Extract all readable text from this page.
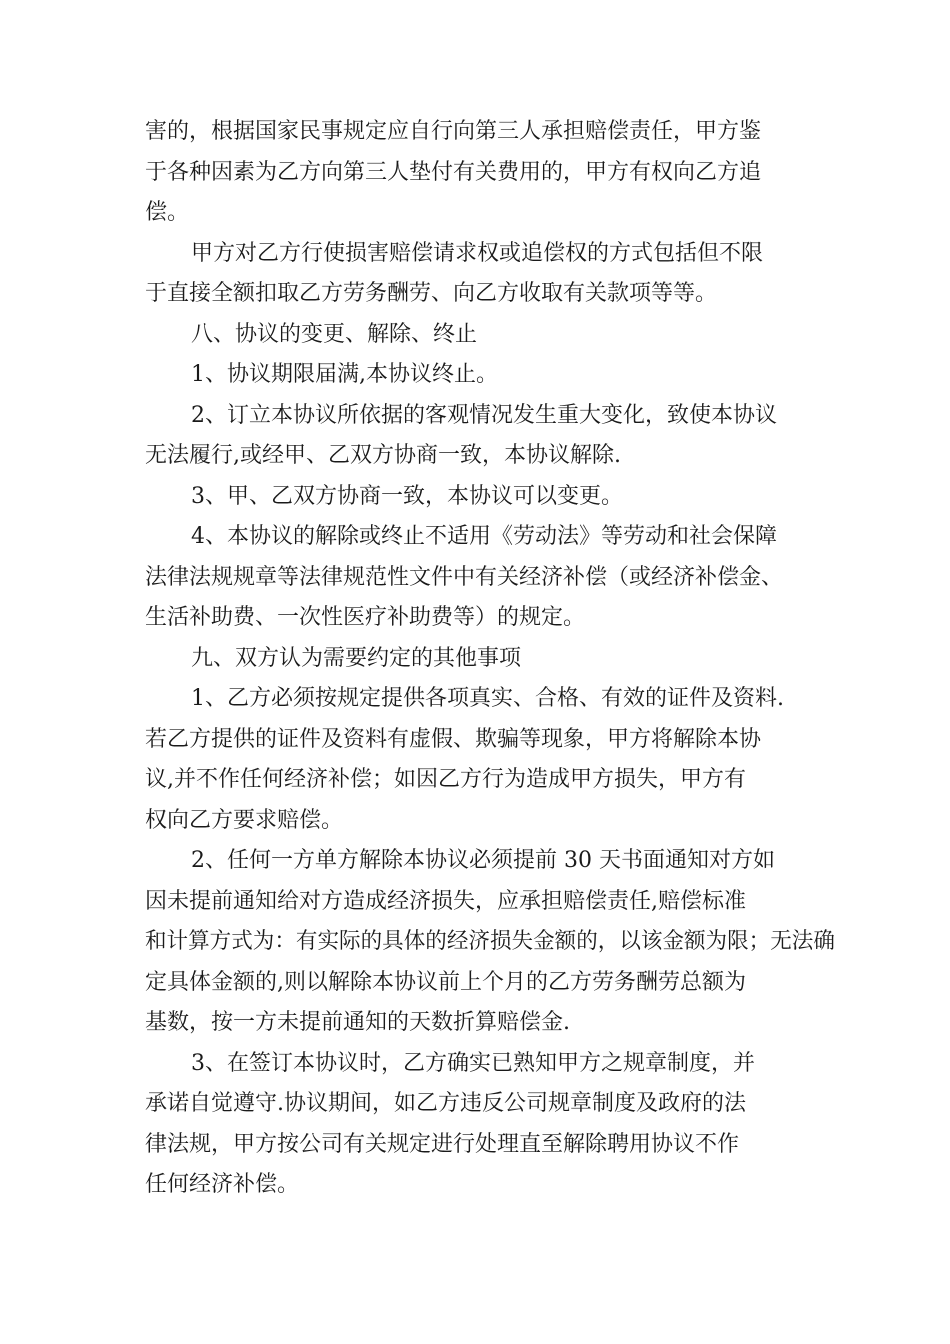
害的，根据国家民事规定应自行向第三人承担赔偿责任，甲方鉴
于各种因素为乙方向第三人垫付有关费用的，甲方有权向乙方追
偿。
甲方对乙方行使损害赔偿请求权或追偿权的方式包括但不限
于直接全额扣取乙方劳务酬劳、向乙方收取有关款项等等。
八、协议的变更、解除、终止
1、协议期限届满,本协议终止。
2、订立本协议所依据的客观情况发生重大变化，致使本协议
无法履行,或经甲、乙双方协商一致，本协议解除.
3、甲、乙双方协商一致，本协议可以变更。
4、本协议的解除或终止不适用《劳动法》等劳动和社会保障
法律法规规章等法律规范性文件中有关经济补偿（或经济补偿金、
生活补助费、一次性医疗补助费等）的规定。
九、双方认为需要约定的其他事项
1、乙方必须按规定提供各项真实、合格、有效的证件及资料.
若乙方提供的证件及资料有虚假、欺骗等现象，甲方将解除本协
议,并不作任何经济补偿；如因乙方行为造成甲方损失，甲方有
权向乙方要求赔偿。
2、任何一方单方解除本协议必须提前 30 天书面通知对方如
因未提前通知给对方造成经济损失，应承担赔偿责任,赔偿标准
和计算方式为：有实际的具体的经济损失金额的，以该金额为限；无法确
定具体金额的,则以解除本协议前上个月的乙方劳务酬劳总额为
基数，按一方未提前通知的天数折算赔偿金.
3、在签订本协议时，乙方确实已熟知甲方之规章制度，并
承诺自觉遵守.协议期间，如乙方违反公司规章制度及政府的法
律法规，甲方按公司有关规定进行处理直至解除聘用协议不作
任何经济补偿。
